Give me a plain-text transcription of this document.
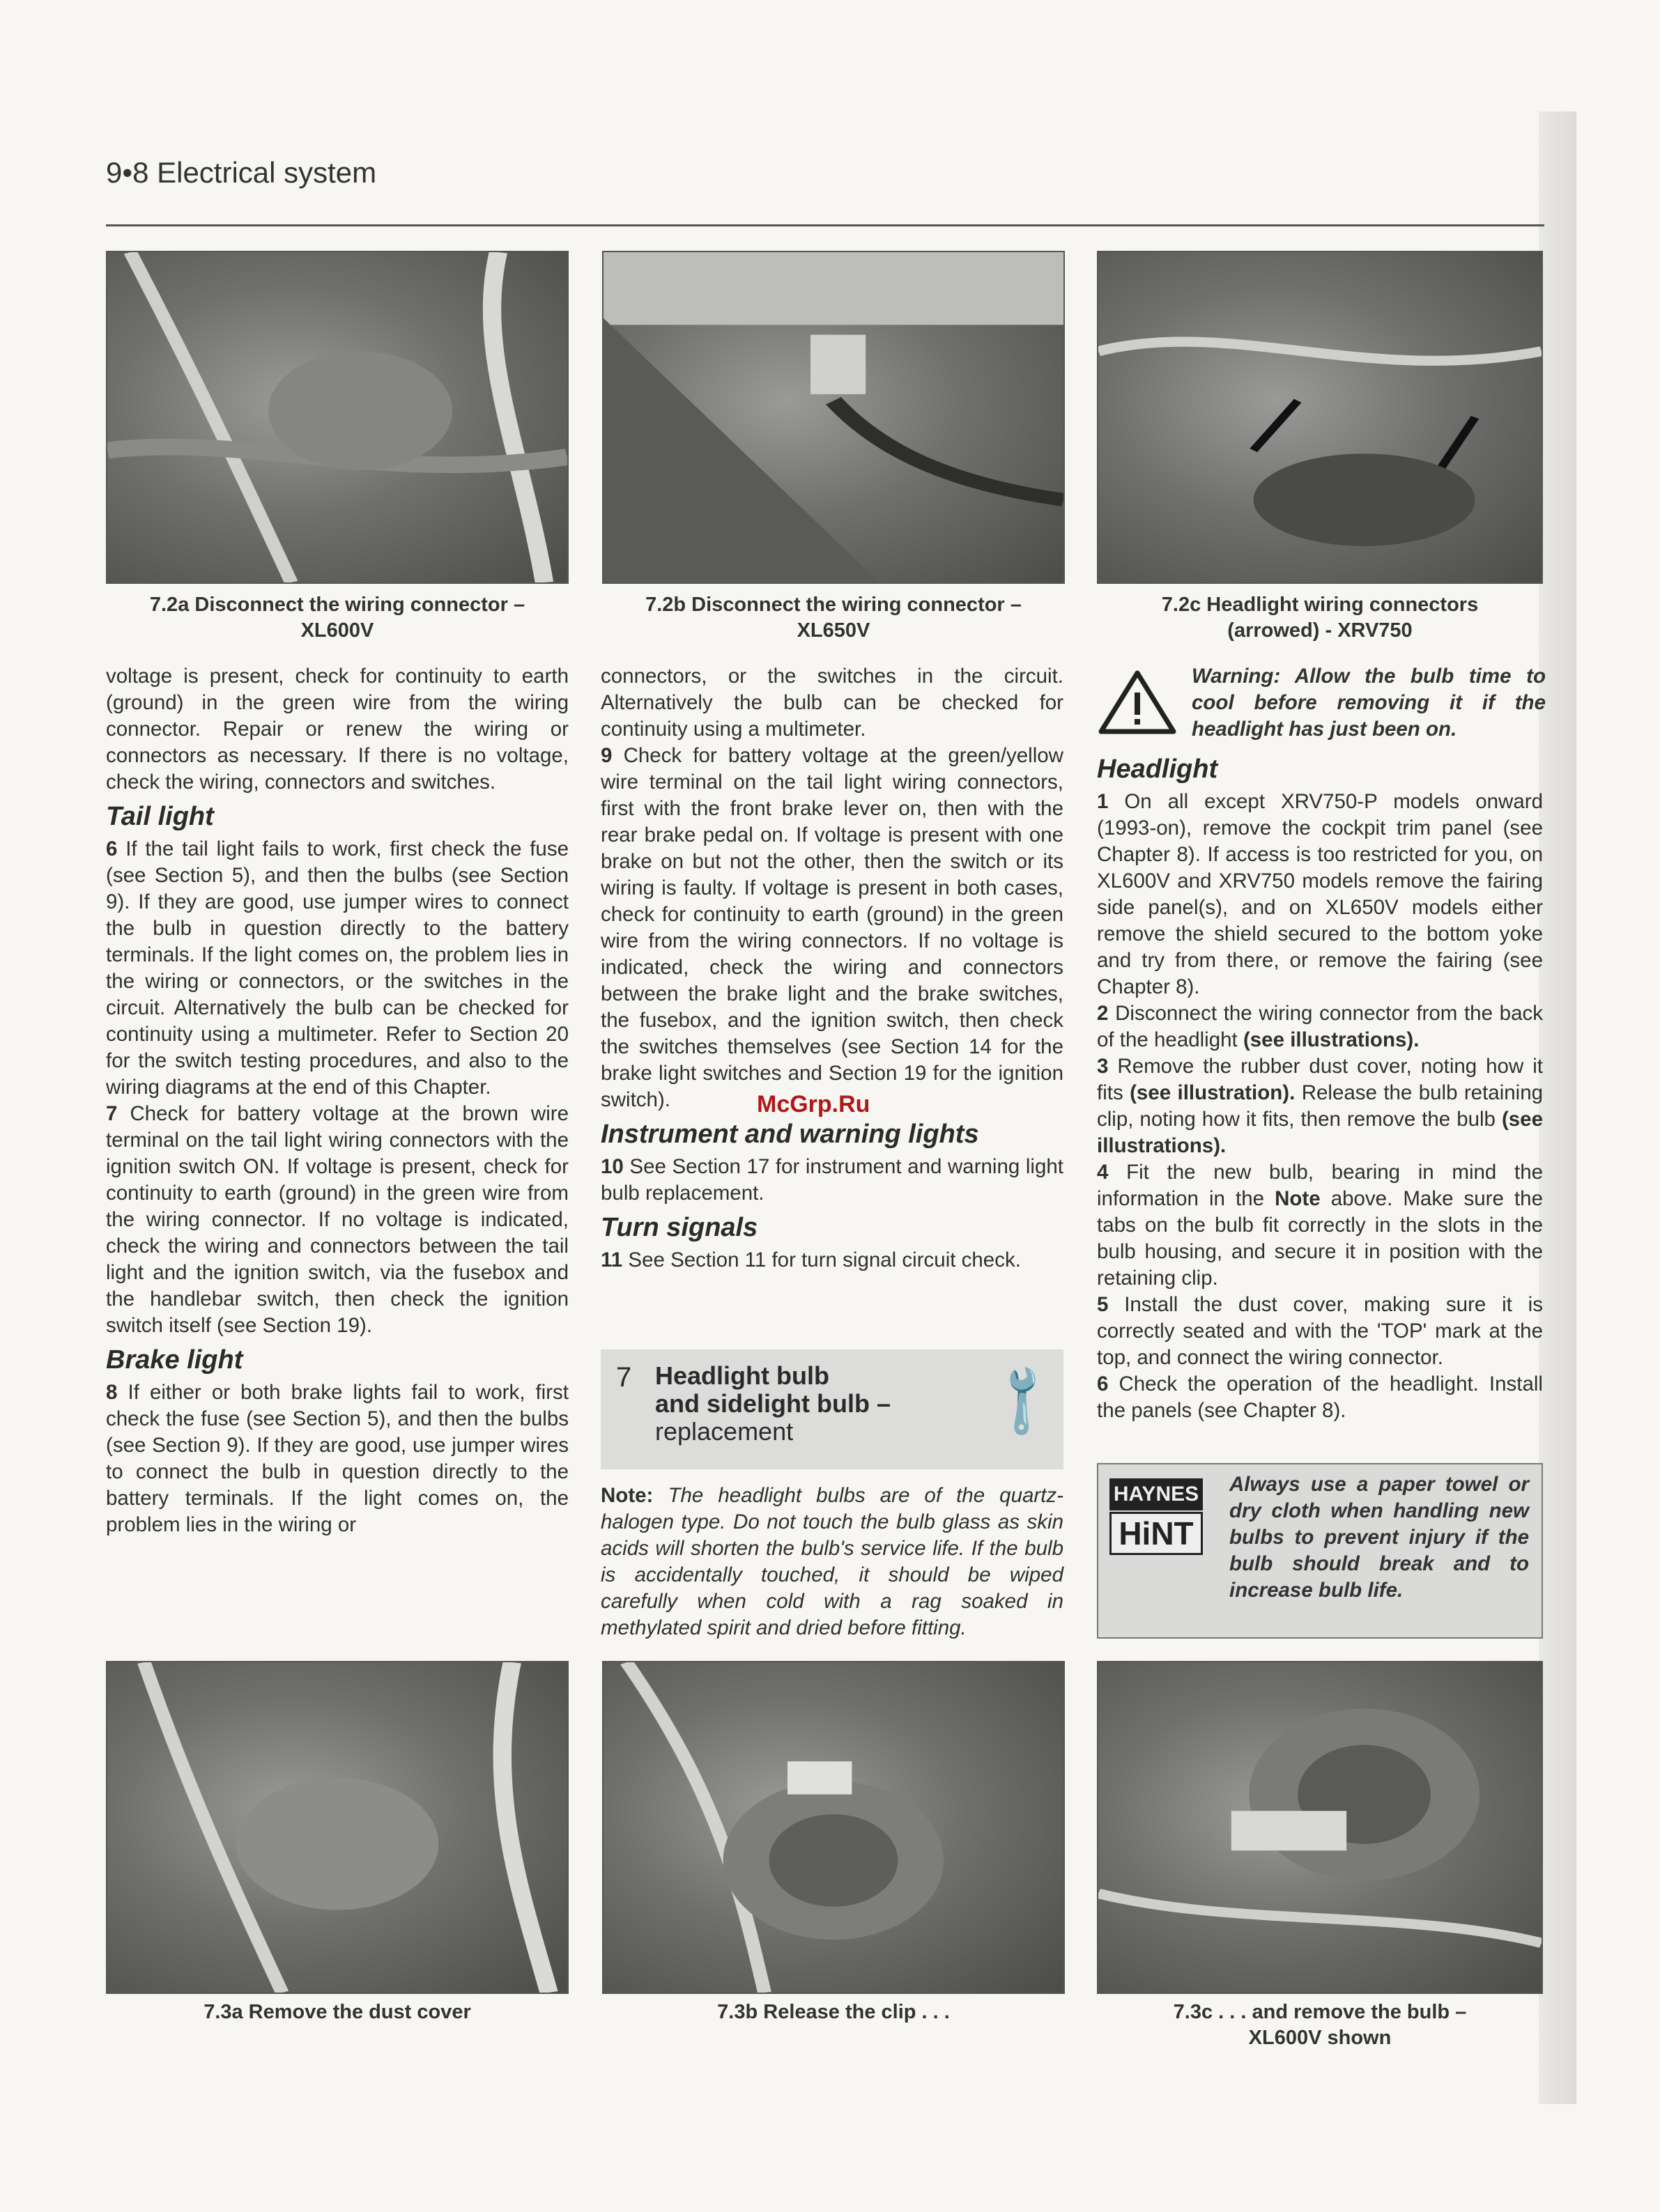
9•8 Electrical system
7.2a Disconnect the wiring connector –
XL600V
7.2b Disconnect the wiring connector –
XL650V
7.2c Headlight wiring connectors
(arrowed) - XRV750

voltage is present, check for continuity to earth (ground) in the green wire from the wiring connector. Repair or renew the wiring or connectors as necessary. If there is no voltage, check the wiring, connectors and switches.

Tail light

6 If the tail light fails to work, first check the fuse (see Section 5), and then the bulbs (see Section 9). If they are good, use jumper wires to connect the bulb in question directly to the battery terminals. If the light comes on, the problem lies in the wiring or connectors, or the switches in the circuit. Alternatively the bulb can be checked for continuity using a multimeter. Refer to Section 20 for the switch testing procedures, and also to the wiring diagrams at the end of this Chapter.

7 Check for battery voltage at the brown wire terminal on the tail light wiring connectors with the ignition switch ON. If voltage is present, check for continuity to earth (ground) in the green wire from the wiring connector. If no voltage is indicated, check the wiring and connectors between the tail light and the ignition switch, via the fusebox and the handlebar switch, then check the ignition switch itself (see Section 19).

Brake light

8 If either or both brake lights fail to work, first check the fuse (see Section 5), and then the bulbs (see Section 9). If they are good, use jumper wires to connect the bulb in question directly to the battery terminals. If the light comes on, the problem lies in the wiring or

connectors, or the switches in the circuit. Alternatively the bulb can be checked for continuity using a multimeter.

9 Check for battery voltage at the green/yellow wire terminal on the tail light wiring connectors, first with the front brake lever on, then with the rear brake pedal on. If voltage is present with one brake on but not the other, then the switch or its wiring is faulty. If voltage is present in both cases, check for continuity to earth (ground) in the green wire from the wiring connectors. If no voltage is indicated, check the wiring and connectors between the brake light and the brake switches, the fusebox, and the ignition switch, then check the switches themselves (see Section 14 for the brake light switches and Section 19 for the ignition switch).

Instrument and warning lights

10 See Section 17 for instrument and warning light bulb replacement.

Turn signals

11 See Section 11 for turn signal circuit check.

McGrp.Ru
7 Headlight bulb
and sidelight bulb –
replacement	🔧

Note: The headlight bulbs are of the quartz-halogen type. Do not touch the bulb glass as skin acids will shorten the bulb's service life. If the bulb is accidentally touched, it should be wiped carefully when cold with a rag soaked in methylated spirit and dried before fitting.

Warning: Allow the bulb time to cool before removing it if the headlight has just been on.
Headlight

1 On all except XRV750-P models onward (1993-on), remove the cockpit trim panel (see Chapter 8). If access is too restricted for you, on XL600V and XRV750 models remove the fairing side panel(s), and on XL650V models either remove the shield secured to the bottom yoke and try from there, or remove the fairing (see Chapter 8).

2 Disconnect the wiring connector from the back of the headlight (see illustrations).

3 Remove the rubber dust cover, noting how it fits (see illustration). Release the bulb retaining clip, noting how it fits, then remove the bulb (see illustrations).

4 Fit the new bulb, bearing in mind the information in the Note above. Make sure the tabs on the bulb fit correctly in the slots in the bulb housing, and secure it in position with the retaining clip.

5 Install the dust cover, making sure it is correctly seated and with the 'TOP' mark at the top, and connect the wiring connector.

6 Check the operation of the headlight. Install the panels (see Chapter 8).

HAYNES
HiNT
Always use a paper towel or dry cloth when handling new bulbs to prevent injury if the bulb should break and to increase bulb life.
7.3a Remove the dust cover	7.3b Release the clip . . .	7.3c . . . and remove the bulb –
XL600V shown
